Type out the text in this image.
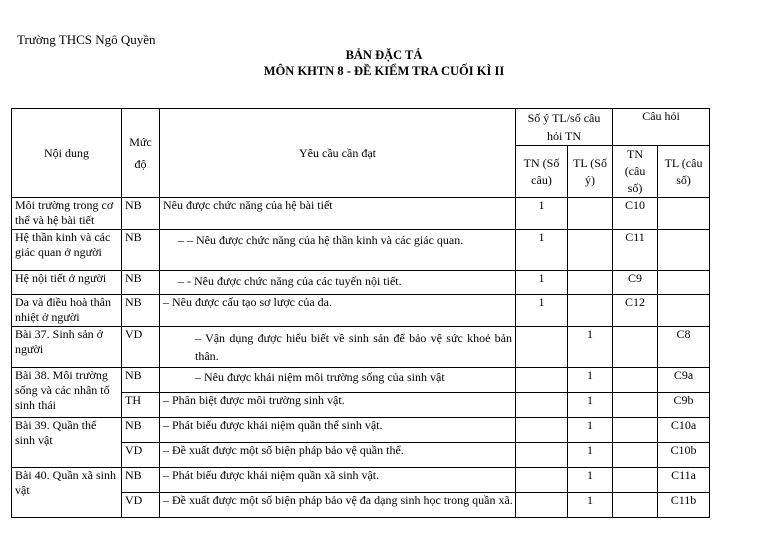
Trường THCS Ngô Quyền
BẢN ĐẶC TẢ
MÔN KHTN 8 - ĐỀ KIỂM TRA CUỐI KÌ II
Nội dung	Mức độ	Yêu cầu cần đạt	Số ý TL/số câu hỏi TN		Câu hỏi	
			TN (Số câu)	TL (Số ý)	TN (câu số)	TL (câu số)
Môi trường trong cơ thể và hệ bài tiết	NB	Nêu được chức năng của hệ bài tiết	1		C10	
Hệ thần kinh và các giác quan ở người	NB	– – Nêu được chức năng của hệ thần kinh và các giác quan.	1		C11	
Hệ nội tiết ở người	NB	– - Nêu được chức năng của các tuyến nội tiết.	1		C9	
Da và điều hoà thân nhiệt ở người	NB	– Nêu được cấu tạo sơ lược của da.	1		C12	
Bài 37. Sinh sản ở người	VD	– Vận dụng được hiểu biết về sinh sản để bảo vệ sức khoẻ bản thân.		1		C8
Bài 38. Môi trường sống và các nhân tố sinh thái	NB	– Nêu được khái niệm môi trường sống của sinh vật		1		C9a
	TH	– Phân biệt được môi trường sinh vật.		1		C9b
Bài 39. Quần thể sinh vật	NB	– Phát biểu được khái niệm quần thể sinh vật.		1		C10a
	VD	– Đề xuất được một số biện pháp bảo vệ quần thể.		1		C10b
Bài 40. Quần xã sinh vật	NB	– Phát biểu được khái niệm quần xã sinh vật.		1		C11a
	VD	– Đề xuất được một số biện pháp bảo vệ đa dạng sinh học trong quần xã.		1		C11b
